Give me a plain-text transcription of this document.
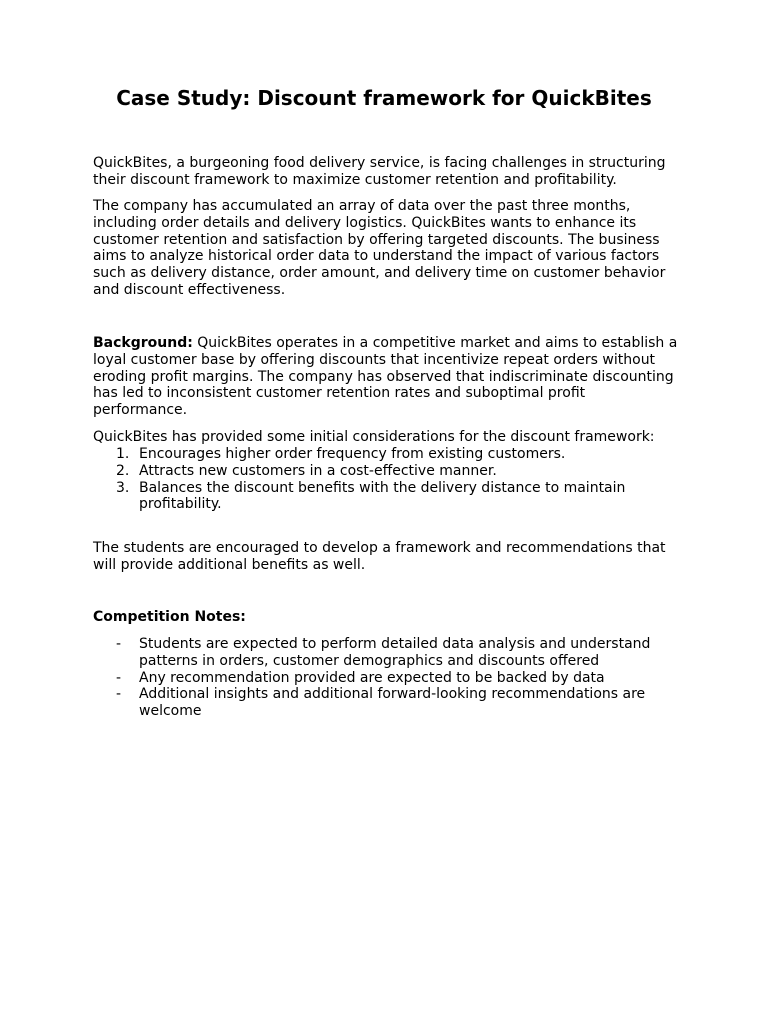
Case Study: Discount framework for QuickBites

QuickBites, a burgeoning food delivery service, is facing challenges in structuring their discount framework to maximize customer retention and profitability.

The company has accumulated an array of data over the past three months, including order details and delivery logistics. QuickBites wants to enhance its customer retention and satisfaction by offering targeted discounts. The business aims to analyze historical order data to understand the impact of various factors such as delivery distance, order amount, and delivery time on customer behavior and discount effectiveness.

Background: QuickBites operates in a competitive market and aims to establish a loyal customer base by offering discounts that incentivize repeat orders without eroding profit margins. The company has observed that indiscriminate discounting has led to inconsistent customer retention rates and suboptimal profit performance.

QuickBites has provided some initial considerations for the discount framework:

1. Encourages higher order frequency from existing customers.
2. Attracts new customers in a cost-effective manner.
3. Balances the discount benefits with the delivery distance to maintain profitability.

The students are encouraged to develop a framework and recommendations that will provide additional benefits as well.

Competition Notes:

-	Students are expected to perform detailed data analysis and understand patterns in orders, customer demographics and discounts offered
-	Any recommendation provided are expected to be backed by data
-	Additional insights and additional forward-looking recommendations are welcome
